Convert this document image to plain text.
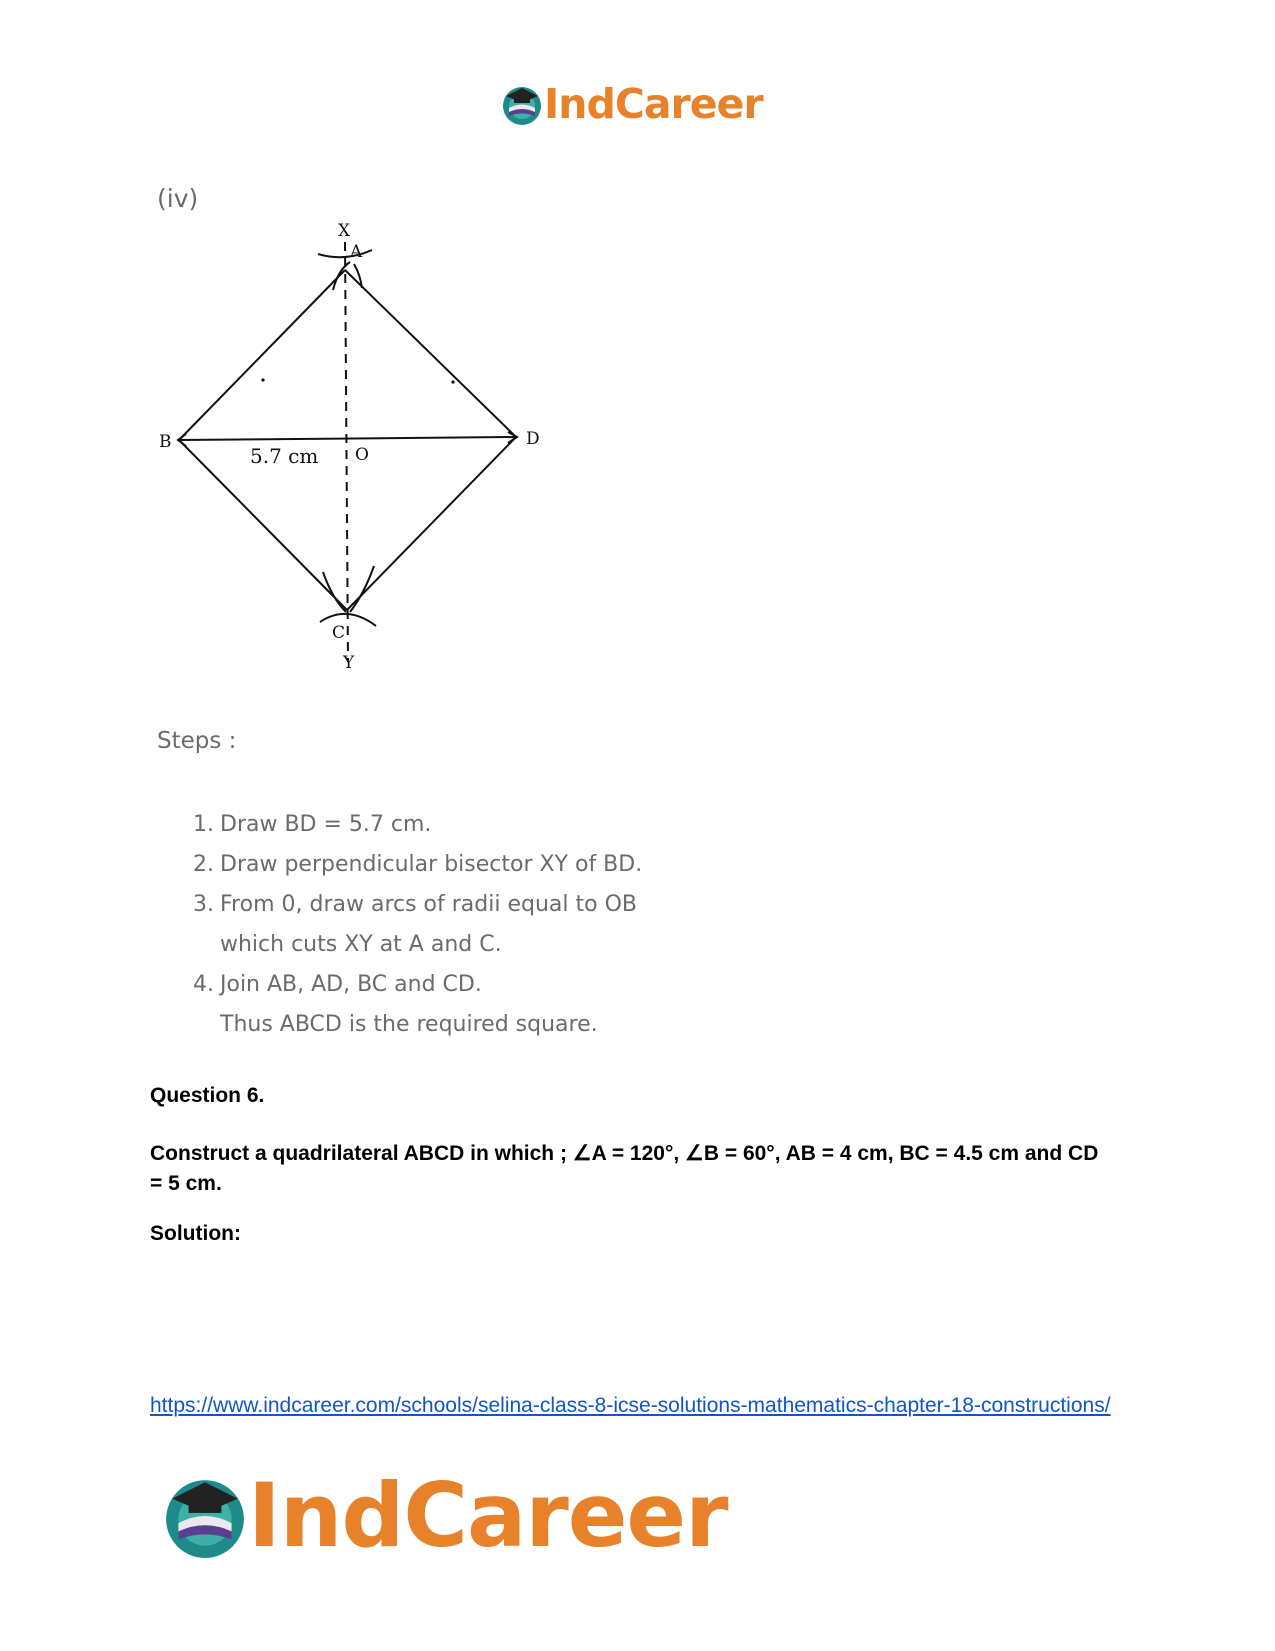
IndCareer
(iv)
X
A
B	D
O
C
Y
5.7 cm
Steps :
1. Draw BD = 5.7 cm.
2. Draw perpendicular bisector XY of BD.
3. From 0, draw arcs of radii equal to OB
which cuts XY at A and C.
4. Join AB, AD, BC and CD.
Thus ABCD is the required square.
Question 6.
Construct a quadrilateral ABCD in which ; ∠A = 120°, ∠B = 60°, AB = 4 cm, BC = 4.5 cm and CD = 5 cm.
Solution:
https://www.indcareer.com/schools/selina-class-8-icse-solutions-mathematics-chapter-18-constructions/
IndCareer
